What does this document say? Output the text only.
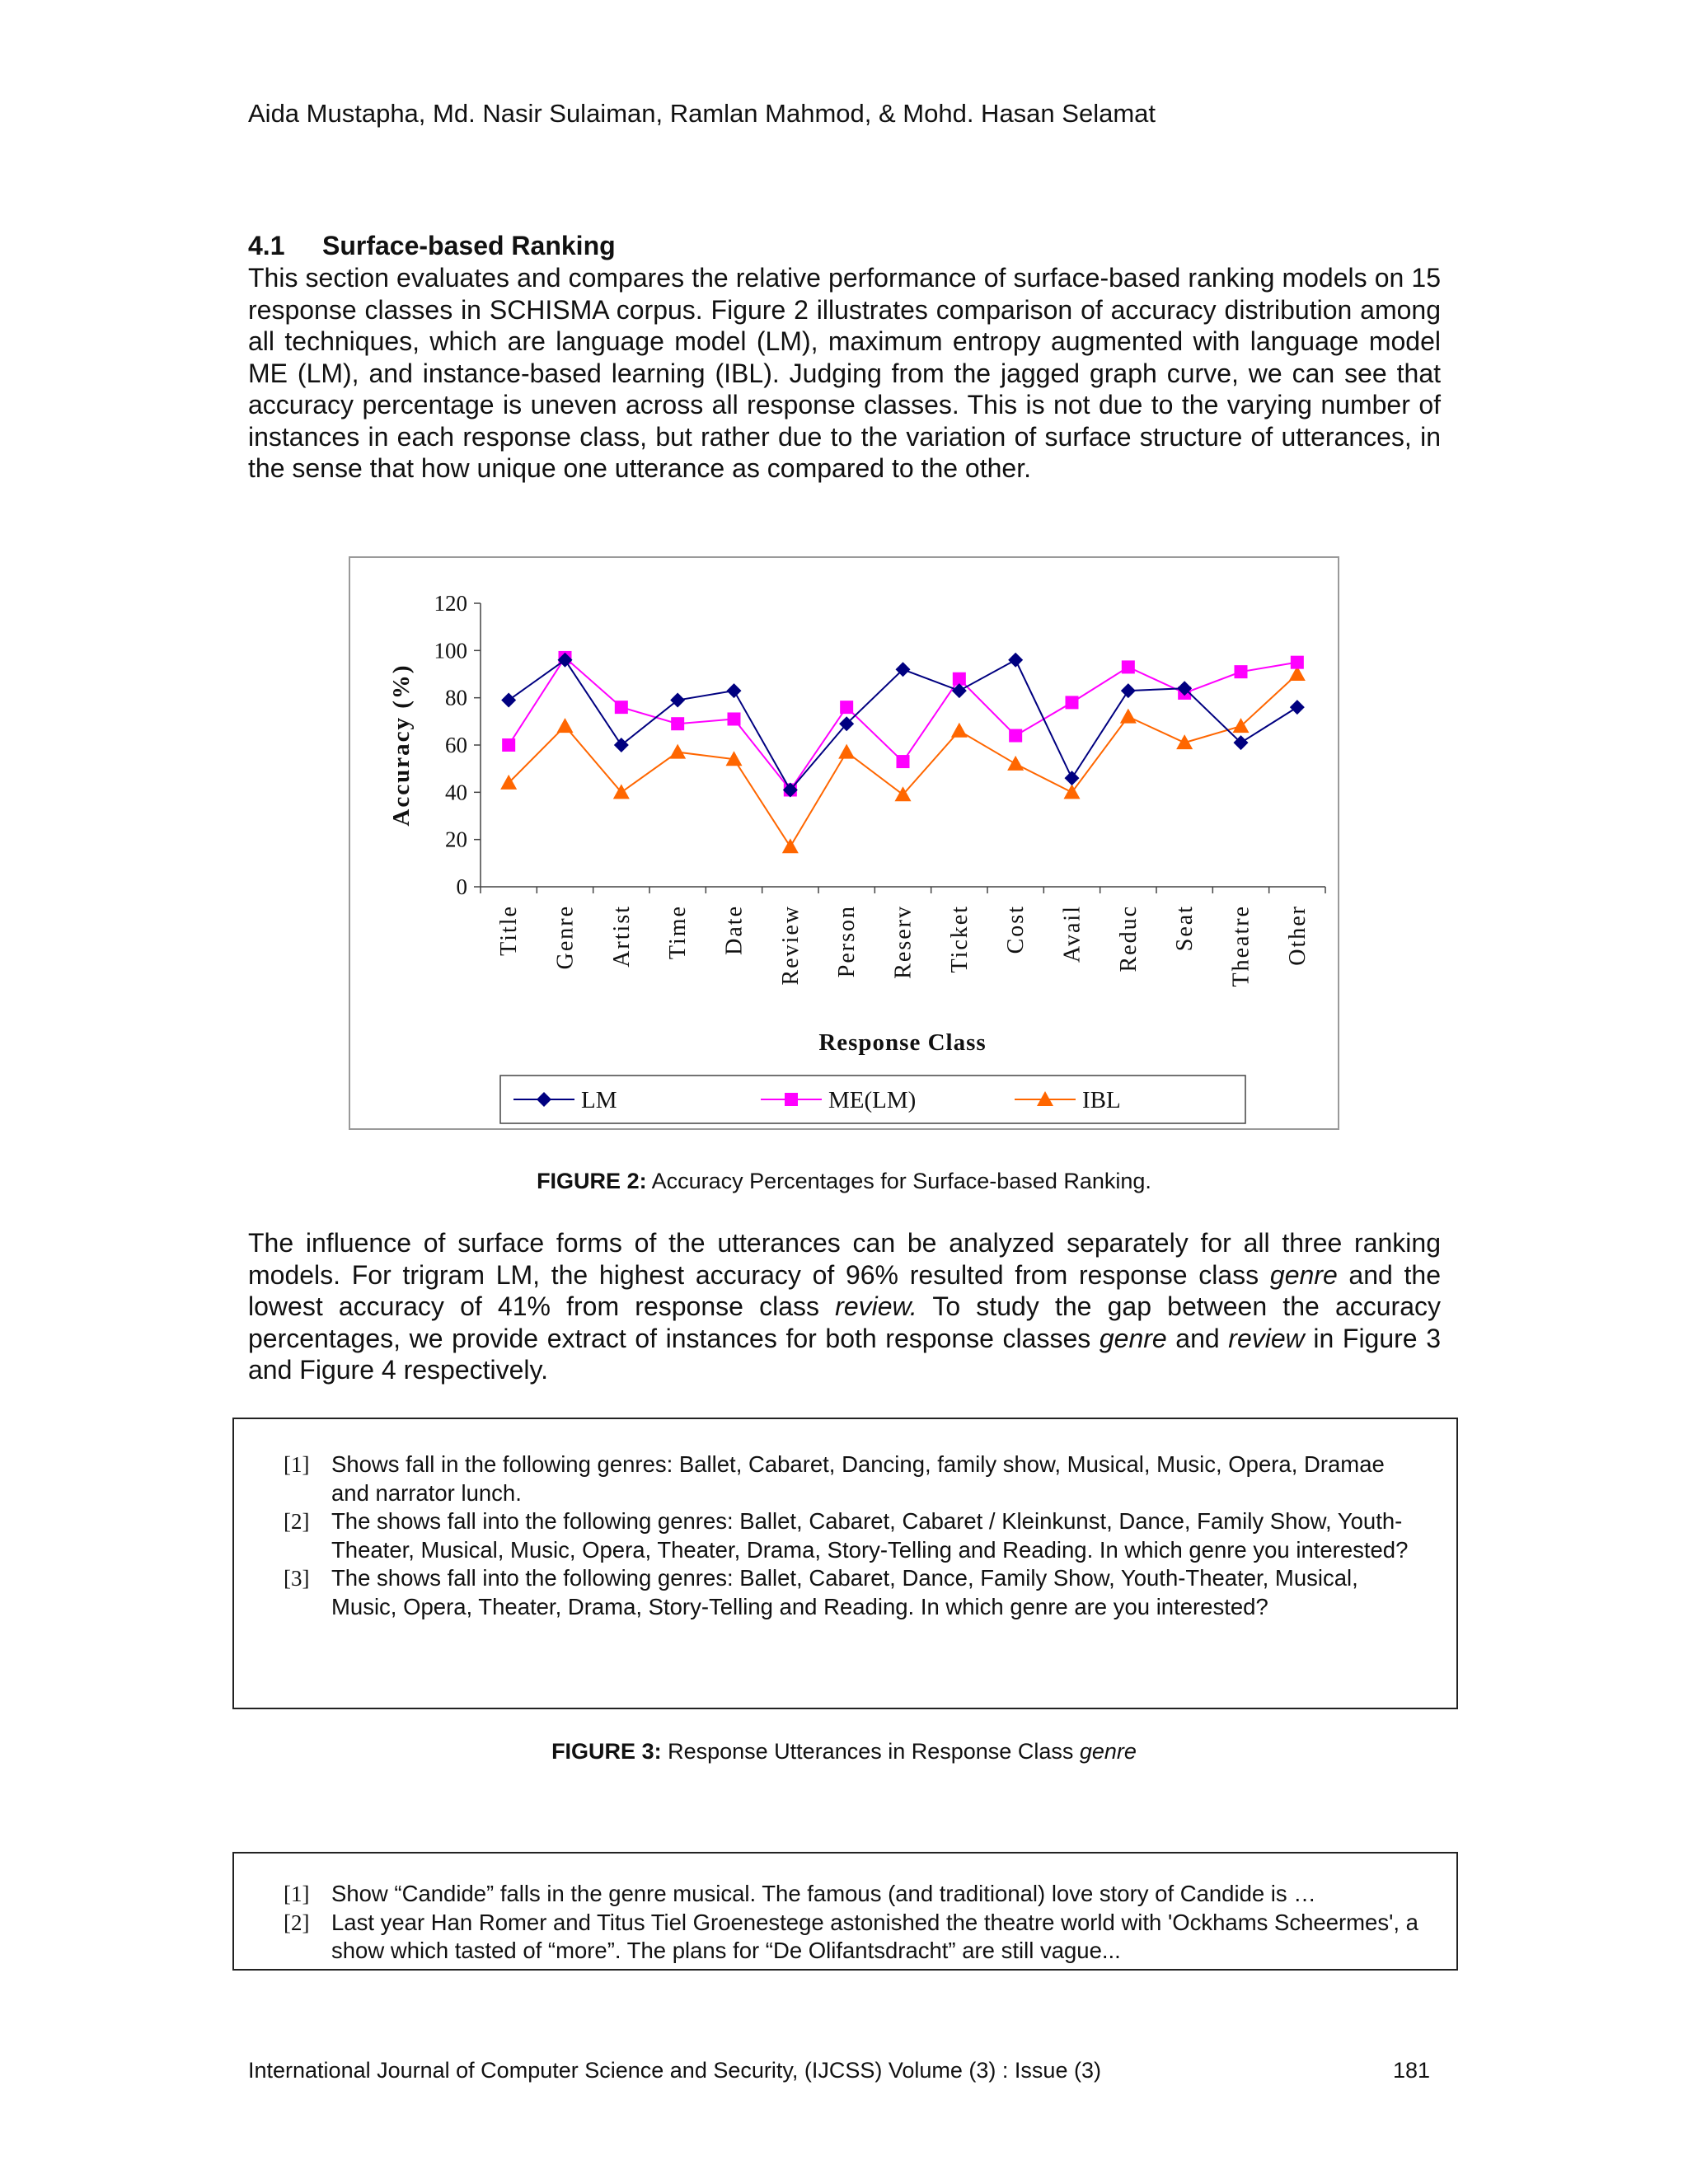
Aida Mustapha, Md. Nasir Sulaiman, Ramlan Mahmod, & Mohd. Hasan Selamat
4.1 Surface-based Ranking
This section evaluates and compares the relative performance of surface-based ranking models on 15 response classes in SCHISMA corpus. Figure 2 illustrates comparison of accuracy distribution among all techniques, which are language model (LM), maximum entropy augmented with language model ME (LM), and instance-based learning (IBL). Judging from the jagged graph curve, we can see that accuracy percentage is uneven across all response classes. This is not due to the varying number of instances in each response class, but rather due to the variation of surface structure of utterances, in the sense that how unique one utterance as compared to the other.
0
20
40
60
80
100
120
Title Genre Artist Time Date Review Person Reserv Ticket Cost Avail Reduc Seat Theatre Other
Accuracy (%)
Response Class
LM	ME(LM)	IBL
FIGURE 2: Accuracy Percentages for Surface-based Ranking.
The influence of surface forms of the utterances can be analyzed separately for all three ranking models. For trigram LM, the highest accuracy of 96% resulted from response class genre and the lowest accuracy of 41% from response class review. To study the gap between the accuracy percentages, we provide extract of instances for both response classes genre and review in Figure 3 and Figure 4 respectively.
[1] Shows fall in the following genres: Ballet, Cabaret, Dancing, family show, Musical, Music, Opera, Dramae and narrator lunch.
[2] The shows fall into the following genres: Ballet, Cabaret, Cabaret / Kleinkunst, Dance, Family Show, Youth-Theater, Musical, Music, Opera, Theater, Drama, Story-Telling and Reading. In which genre you interested?
[3] The shows fall into the following genres: Ballet, Cabaret, Dance, Family Show, Youth-Theater, Musical, Music, Opera, Theater, Drama, Story-Telling and Reading. In which genre are you interested?
FIGURE 3: Response Utterances in Response Class genre
[1] Show “Candide” falls in the genre musical. The famous (and traditional) love story of Candide is …
[2] Last year Han Romer and Titus Tiel Groenestege astonished the theatre world with 'Ockhams Scheermes', a show which tasted of “more”. The plans for “De Olifantsdracht” are still vague...
International Journal of Computer Science and Security, (IJCSS) Volume (3) : Issue (3)	181
